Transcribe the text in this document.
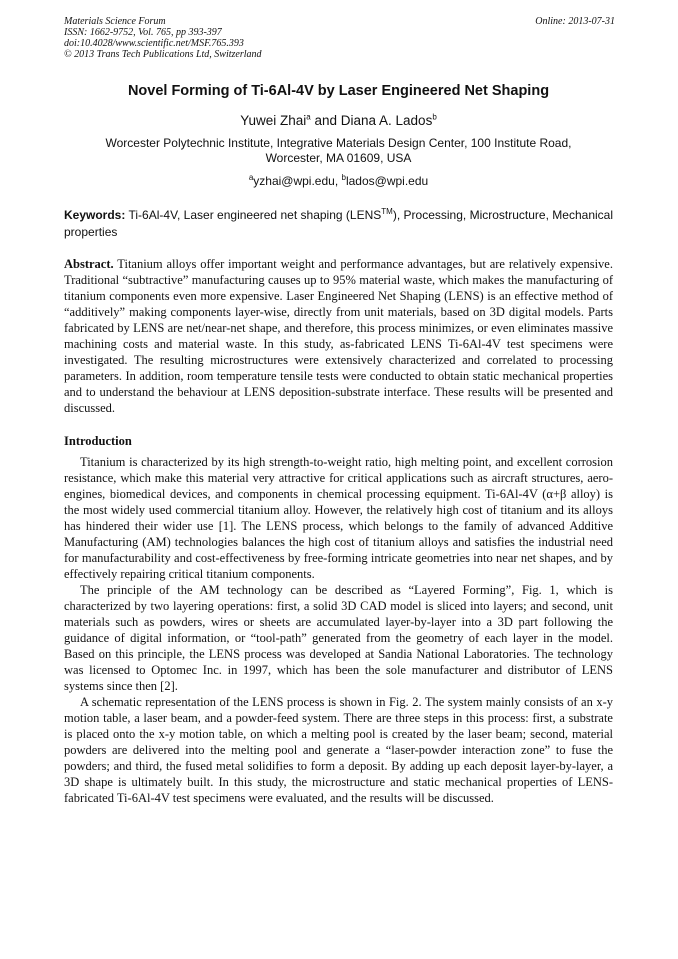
Materials Science Forum
ISSN: 1662-9752, Vol. 765, pp 393-397
doi:10.4028/www.scientific.net/MSF.765.393
© 2013 Trans Tech Publications Ltd, Switzerland
Online: 2013-07-31
Novel Forming of Ti-6Al-4V by Laser Engineered Net Shaping
Yuwei Zhai$^a$ and Diana A. Lados$^b$
Worcester Polytechnic Institute, Integrative Materials Design Center, 100 Institute Road,
Worcester, MA 01609, USA
$^a$yzhai@wpi.edu, $^b$lados@wpi.edu
Keywords: Ti-6Al-4V, Laser engineered net shaping (LENS™), Processing, Microstructure, Mechanical properties
Abstract. Titanium alloys offer important weight and performance advantages, but are relatively expensive. Traditional “subtractive” manufacturing causes up to 95% material waste, which makes the manufacturing of titanium components even more expensive. Laser Engineered Net Shaping (LENS) is an effective method of “additively” making components layer-wise, directly from unit materials, based on 3D digital models. Parts fabricated by LENS are net/near-net shape, and therefore, this process minimizes, or even eliminates massive machining costs and material waste. In this study, as-fabricated LENS Ti-6Al-4V test specimens were investigated. The resulting microstructures were extensively characterized and correlated to processing parameters. In addition, room temperature tensile tests were conducted to obtain static mechanical properties and to understand the behaviour at LENS deposition-substrate interface. These results will be presented and discussed.
Introduction

Titanium is characterized by its high strength-to-weight ratio, high melting point, and excellent corrosion resistance, which make this material very attractive for critical applications such as aircraft structures, aero-engines, biomedical devices, and components in chemical processing equipment. Ti-6Al-4V (α+β alloy) is the most widely used commercial titanium alloy. However, the relatively high cost of titanium and its alloys has hindered their wider use [1]. The LENS process, which belongs to the family of advanced Additive Manufacturing (AM) technologies balances the high cost of titanium alloys and satisfies the industrial need for manufacturability and cost-effectiveness by free-forming intricate geometries into near net shapes, and by effectively repairing critical titanium components.

The principle of the AM technology can be described as “Layered Forming”, Fig. 1, which is characterized by two layering operations: first, a solid 3D CAD model is sliced into layers; and second, unit materials such as powders, wires or sheets are accumulated layer-by-layer into a 3D part following the guidance of digital information, or “tool-path” generated from the geometry of each layer in the model. Based on this principle, the LENS process was developed at Sandia National Laboratories. The technology was licensed to Optomec Inc. in 1997, which has been the sole manufacturer and distributor of LENS systems since then [2].

A schematic representation of the LENS process is shown in Fig. 2. The system mainly consists of an x-y motion table, a laser beam, and a powder-feed system. There are three steps in this process: first, a substrate is placed onto the x-y motion table, on which a melting pool is created by the laser beam; second, material powders are delivered into the melting pool and generate a “laser-powder interaction zone” to fuse the powders; and third, the fused metal solidifies to form a deposit. By adding up each deposit layer-by-layer, a 3D shape is ultimately built. In this study, the microstructure and static mechanical properties of LENS-fabricated Ti-6Al-4V test specimens were evaluated, and the results will be discussed.
